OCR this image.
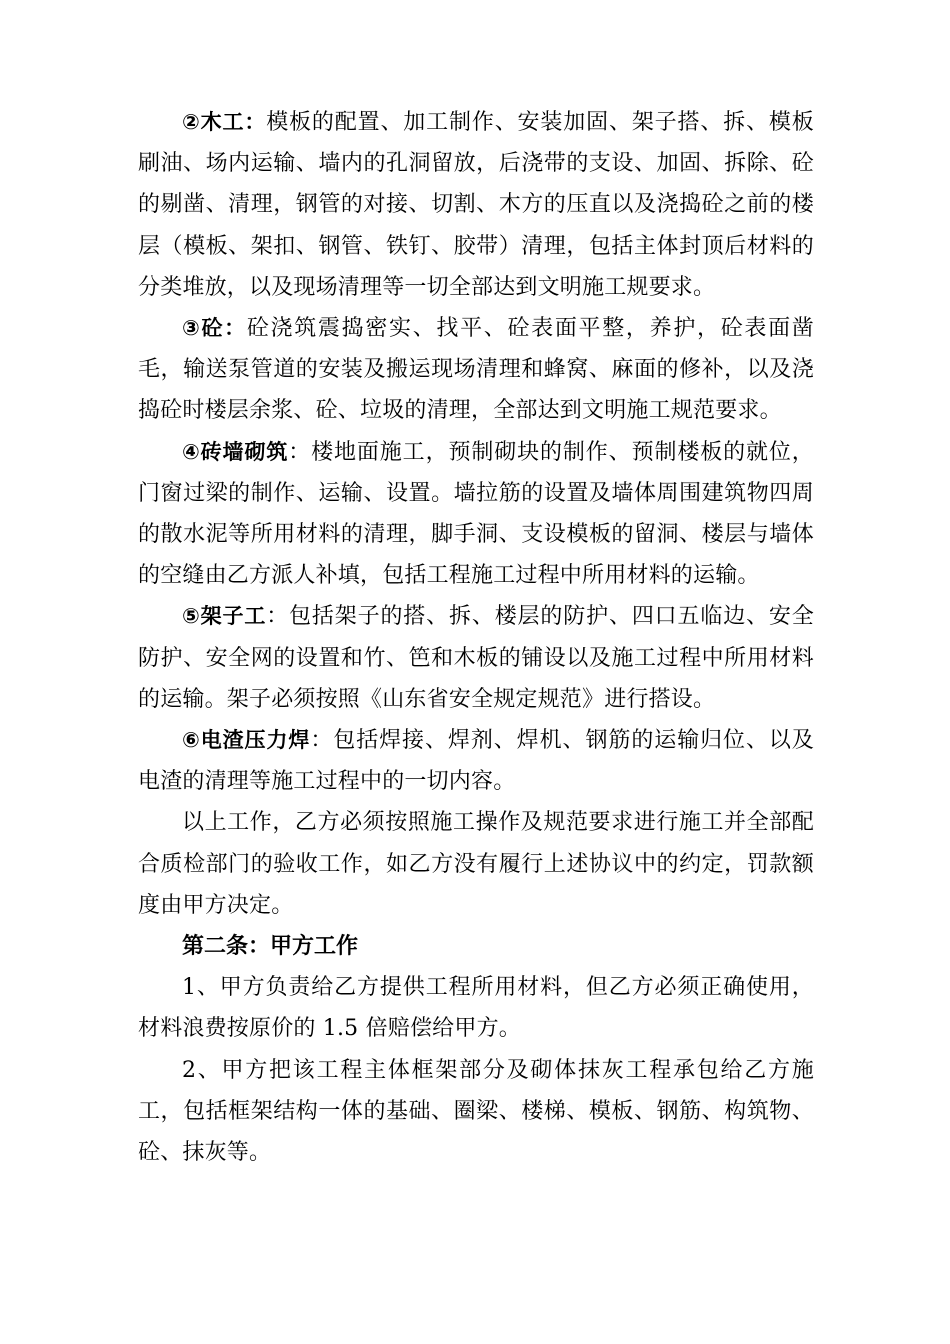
②木工：模板的配置、加工制作、安装加固、架子搭、拆、模板刷油、场内运输、墙内的孔洞留放，后浇带的支设、加固、拆除、砼的剔凿、清理，钢管的对接、切割、木方的压直以及浇捣砼之前的楼层（模板、架扣、钢管、铁钉、胶带）清理，包括主体封顶后材料的分类堆放，以及现场清理等一切全部达到文明施工规要求。

③砼：砼浇筑震捣密实、找平、砼表面平整，养护，砼表面凿毛，输送泵管道的安装及搬运现场清理和蜂窝、麻面的修补，以及浇捣砼时楼层余浆、砼、垃圾的清理，全部达到文明施工规范要求。

④砖墙砌筑：楼地面施工，预制砌块的制作、预制楼板的就位，门窗过梁的制作、运输、设置。墙拉筋的设置及墙体周围建筑物四周的散水泥等所用材料的清理，脚手洞、支设模板的留洞、楼层与墙体的空缝由乙方派人补填，包括工程施工过程中所用材料的运输。

⑤架子工：包括架子的搭、拆、楼层的防护、四口五临边、安全防护、安全网的设置和竹、笆和木板的铺设以及施工过程中所用材料的运输。架子必须按照《山东省安全规定规范》进行搭设。

⑥电渣压力焊：包括焊接、焊剂、焊机、钢筋的运输归位、以及电渣的清理等施工过程中的一切内容。

以上工作，乙方必须按照施工操作及规范要求进行施工并全部配合质检部门的验收工作，如乙方没有履行上述协议中的约定，罚款额度由甲方决定。

第二条：甲方工作

1、甲方负责给乙方提供工程所用材料，但乙方必须正确使用，材料浪费按原价的 1.5 倍赔偿给甲方。

2、甲方把该工程主体框架部分及砌体抹灰工程承包给乙方施工，包括框架结构一体的基础、圈梁、楼梯、模板、钢筋、构筑物、砼、抹灰等。
